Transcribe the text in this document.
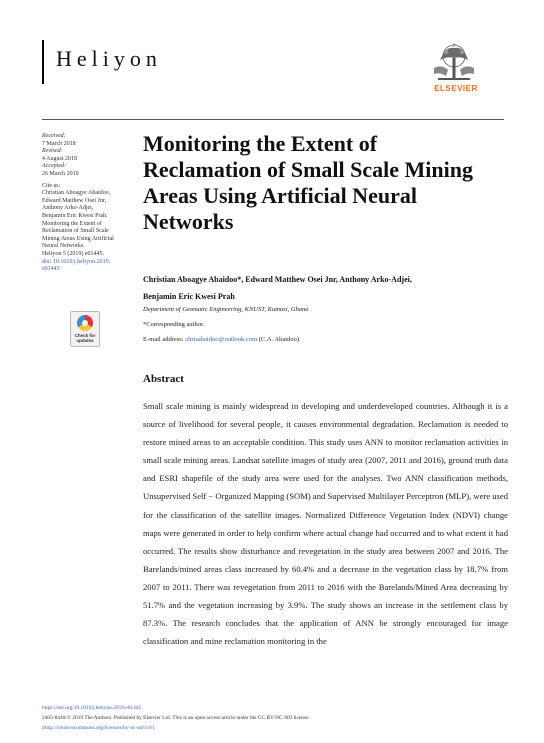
Heliyon
ELSEVIER
Received:
7 March 2018
Revised:
4 August 2018
Accepted:
26 March 2019
Cite as:
Christian Aboagye Abaidoo,
Edward Matthew Osei Jnr,
Anthony Arko-Adjei,
Benjamin Eric Kwesi Prah.
Monitoring the Extent of
Reclamation of Small Scale
Mining Areas Using Artificial
Neural Networks.
Heliyon 5 (2019) e01445.
doi: 10.1016/j.heliyon.2019.
e01445
Check for
updates
Monitoring the Extent of Reclamation of Small Scale Mining Areas Using Artificial Neural Networks
Christian Aboagye Abaidoo*, Edward Matthew Osei Jnr, Anthony Arko-Adjei,
Benjamin Eric Kwesi Prah
Department of Geomatic Engineering, KNUST, Kumasi, Ghana
*Corresponding author.
E-mail address: chrisabaidoo@outlook.com (C.A. Abaidoo).
Abstract

Small scale mining is mainly widespread in developing and underdeveloped countries. Although it is a source of livelihood for several people, it causes environmental degradation. Reclamation is needed to restore mined areas to an acceptable condition. This study uses ANN to monitor reclamation activities in small scale mining areas. Landsat satellite images of study area (2007, 2011 and 2016), ground truth data and ESRI shapefile of the study area were used for the analyses. Two ANN classification methods, Unsupervised Self − Organized Mapping (SOM) and Supervised Multilayer Perceptron (MLP), were used for the classification of the satellite images. Normalized Difference Vegetation Index (NDVI) change maps were generated in order to help confirm where actual change had occurred and to what extent it had occurred. The results show disturbance and revegetation in the study area between 2007 and 2016. The Barelands/mined areas class increased by 60.4% and a decrease in the vegetation class by 18.7% from 2007 to 2011. There was revegetation from 2011 to 2016 with the Barelands/Mined Area decreasing by 51.7% and the vegetation increasing by 3.9%. The study shows an increase in the settlement class by 87.3%. The research concludes that the application of ANN be strongly encouraged for image classification and mine reclamation monitoring in the

https://doi.org/10.1016/j.heliyon.2019.e01445
2405-8440/© 2019 The Authors. Published by Elsevier Ltd. This is an open access article under the CC BY-NC-ND license
(http://creativecommons.org/licenses/by-nc-nd/4.0/).
